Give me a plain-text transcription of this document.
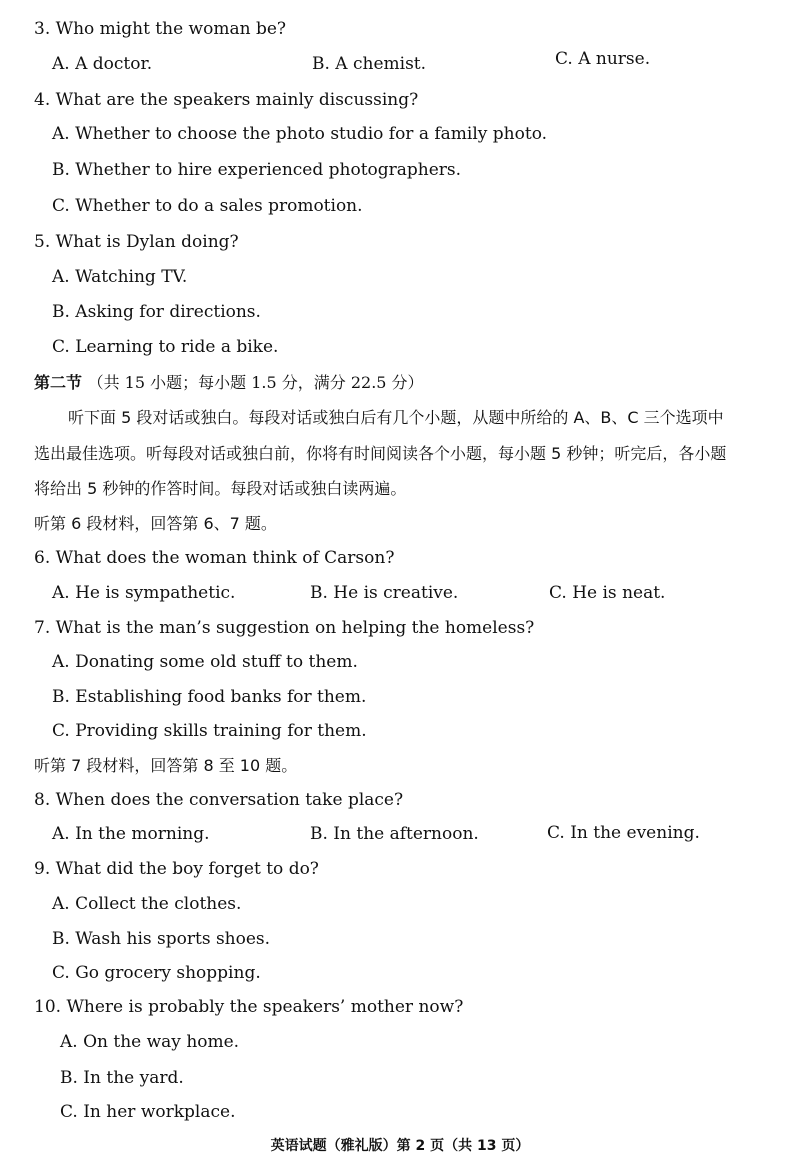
3. Who might the woman be?
A. A doctor.	B. A chemist.	C. A nurse.
4. What are the speakers mainly discussing?
A. Whether to choose the photo studio for a family photo.
B. Whether to hire experienced photographers.
C. Whether to do a sales promotion.
5. What is Dylan doing?
A. Watching TV.
B. Asking for directions.
C. Learning to ride a bike.
第二节 （共 15 小题；每小题 1.5 分，满分 22.5 分）
听下面 5 段对话或独白。每段对话或独白后有几个小题，从题中所给的 A、B、C 三个选项中
选出最佳选项。听每段对话或独白前，你将有时间阅读各个小题，每小题 5 秒钟；听完后，各小题
将给出 5 秒钟的作答时间。每段对话或独白读两遍。
听第 6 段材料，回答第 6、7 题。
6. What does the woman think of Carson?
A. He is sympathetic.	B. He is creative.	C. He is neat.
7. What is the man’s suggestion on helping the homeless?
A. Donating some old stuff to them.
B. Establishing food banks for them.
C. Providing skills training for them.
听第 7 段材料，回答第 8 至 10 题。
8. When does the conversation take place?
A. In the morning.	B. In the afternoon.	C. In the evening.
9. What did the boy forget to do?
A. Collect the clothes.
B. Wash his sports shoes.
C. Go grocery shopping.
10. Where is probably the speakers’ mother now?
A. On the way home.
B. In the yard.
C. In her workplace.
英语试题（雅礼版）第 2 页（共 13 页）
